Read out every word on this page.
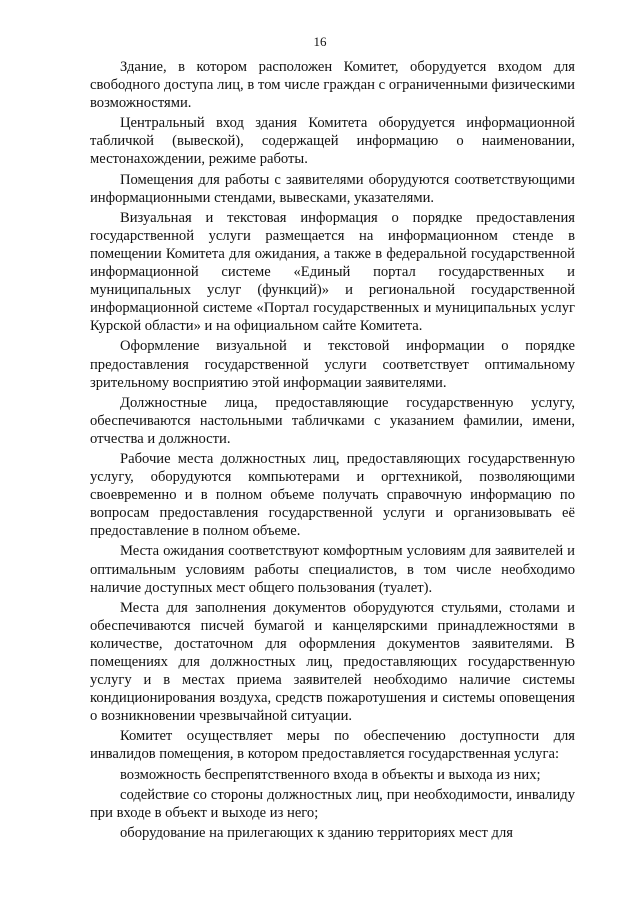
16

Здание, в котором расположен Комитет, оборудуется входом для свободного доступа лиц, в том числе граждан с ограниченными физическими возможностями.

Центральный вход здания Комитета оборудуется информационной табличкой (вывеской), содержащей информацию о наименовании, местонахождении, режиме работы.

Помещения для работы с заявителями оборудуются соответствующими информационными стендами, вывесками, указателями.

Визуальная и текстовая информация о порядке предоставления государственной услуги размещается на информационном стенде в помещении Комитета для ожидания, а также в федеральной государственной информационной системе «Единый портал государственных и муниципальных услуг (функций)» и региональной государственной информационной системе «Портал государственных и муниципальных услуг Курской области» и на официальном сайте Комитета.

Оформление визуальной и текстовой информации о порядке предоставления государственной услуги соответствует оптимальному зрительному восприятию этой информации заявителями.

Должностные лица, предоставляющие государственную услугу, обеспечиваются настольными табличками с указанием фамилии, имени, отчества и должности.

Рабочие места должностных лиц, предоставляющих государственную услугу, оборудуются компьютерами и оргтехникой, позволяющими своевременно и в полном объеме получать справочную информацию по вопросам предоставления государственной услуги и организовывать её предоставление в полном объеме.

Места ожидания соответствуют комфортным условиям для заявителей и оптимальным условиям работы специалистов, в том числе необходимо наличие доступных мест общего пользования (туалет).

Места для заполнения документов оборудуются стульями, столами и обеспечиваются писчей бумагой и канцелярскими принадлежностями в количестве, достаточном для оформления документов заявителями. В помещениях для должностных лиц, предоставляющих государственную услугу и в местах приема заявителей необходимо наличие системы кондиционирования воздуха, средств пожаротушения и системы оповещения о возникновении чрезвычайной ситуации.

Комитет осуществляет меры по обеспечению доступности для инвалидов помещения, в котором предоставляется государственная услуга:

возможность беспрепятственного входа в объекты и выхода из них;

содействие со стороны должностных лиц, при необходимости, инвалиду при входе в объект и выходе из него;

оборудование на прилегающих к зданию территориях мест для
